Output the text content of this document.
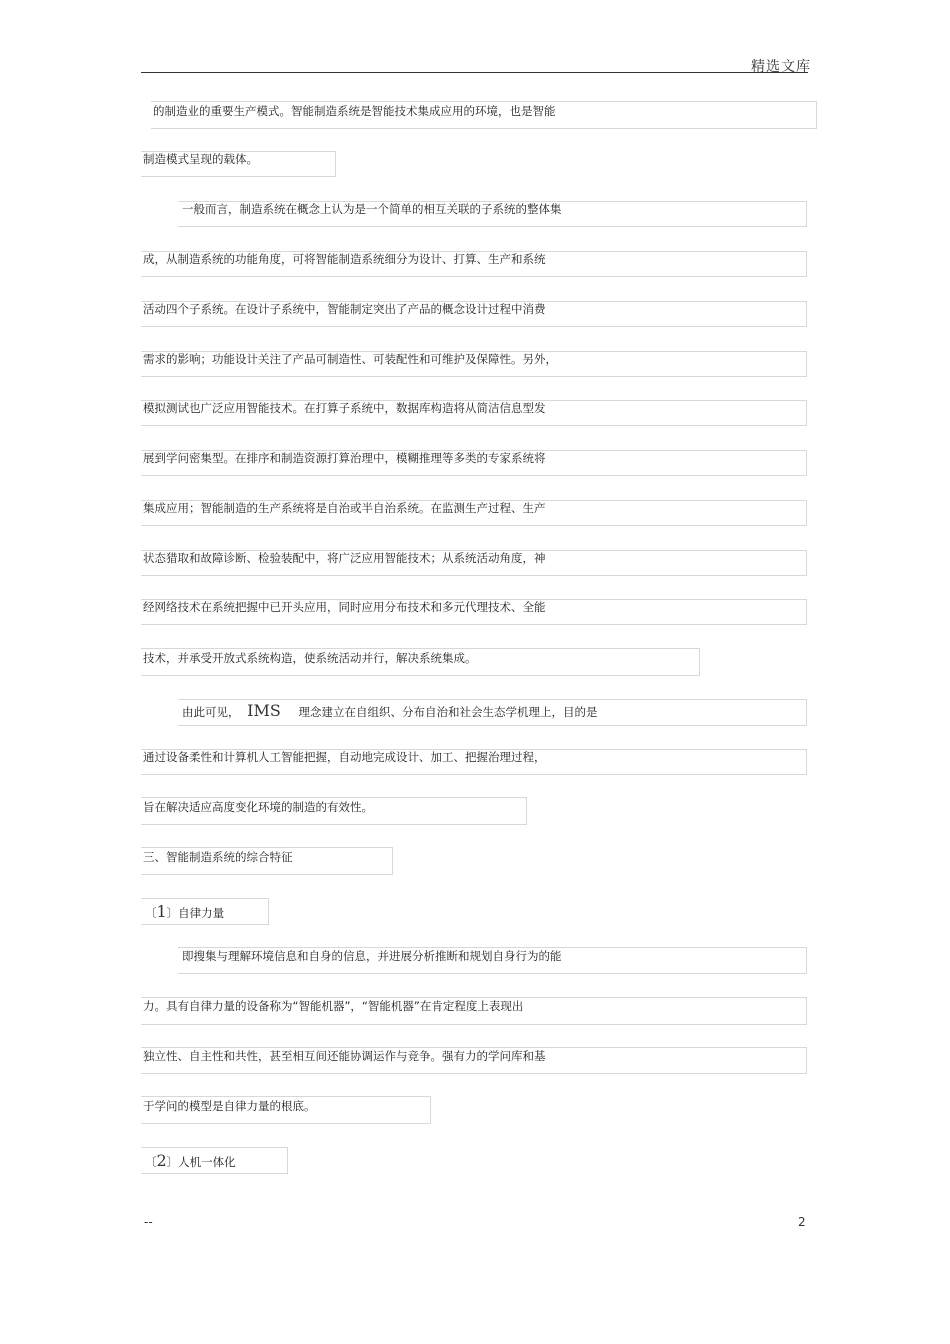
精选文库
的制造业的重要生产模式。智能制造系统是智能技术集成应用的环境，也是智能
制造模式呈现的载体。
一般而言，制造系统在概念上认为是一个简单的相互关联的子系统的整体集
成，从制造系统的功能角度，可将智能制造系统细分为设计、打算、生产和系统
活动四个子系统。在设计子系统中，智能制定突出了产品的概念设计过程中消费
需求的影响；功能设计关注了产品可制造性、可装配性和可维护及保障性。另外，
模拟测试也广泛应用智能技术。在打算子系统中，数据库构造将从简洁信息型发
展到学问密集型。在排序和制造资源打算治理中，模糊推理等多类的专家系统将
集成应用；智能制造的生产系统将是自治或半自治系统。在监测生产过程、生产
状态猎取和故障诊断、检验装配中，将广泛应用智能技术；从系统活动角度，神
经网络技术在系统把握中已开头应用，同时应用分布技术和多元代理技术、全能
技术，并承受开放式系统构造，使系统活动并行，解决系统集成。
由此可见， IMS 理念建立在自组织、分布自治和社会生态学机理上，目的是
通过设备柔性和计算机人工智能把握，自动地完成设计、加工、把握治理过程，
旨在解决适应高度变化环境的制造的有效性。
三、智能制造系统的综合特征
〔1〕自律力量
即搜集与理解环境信息和自身的信息，并进展分析推断和规划自身行为的能
力。具有自律力量的设备称为“智能机器”，“智能机器”在肯定程度上表现出
独立性、自主性和共性，甚至相互间还能协调运作与竞争。强有力的学问库和基
于学问的模型是自律力量的根底。
〔2〕人机一体化
--	2
